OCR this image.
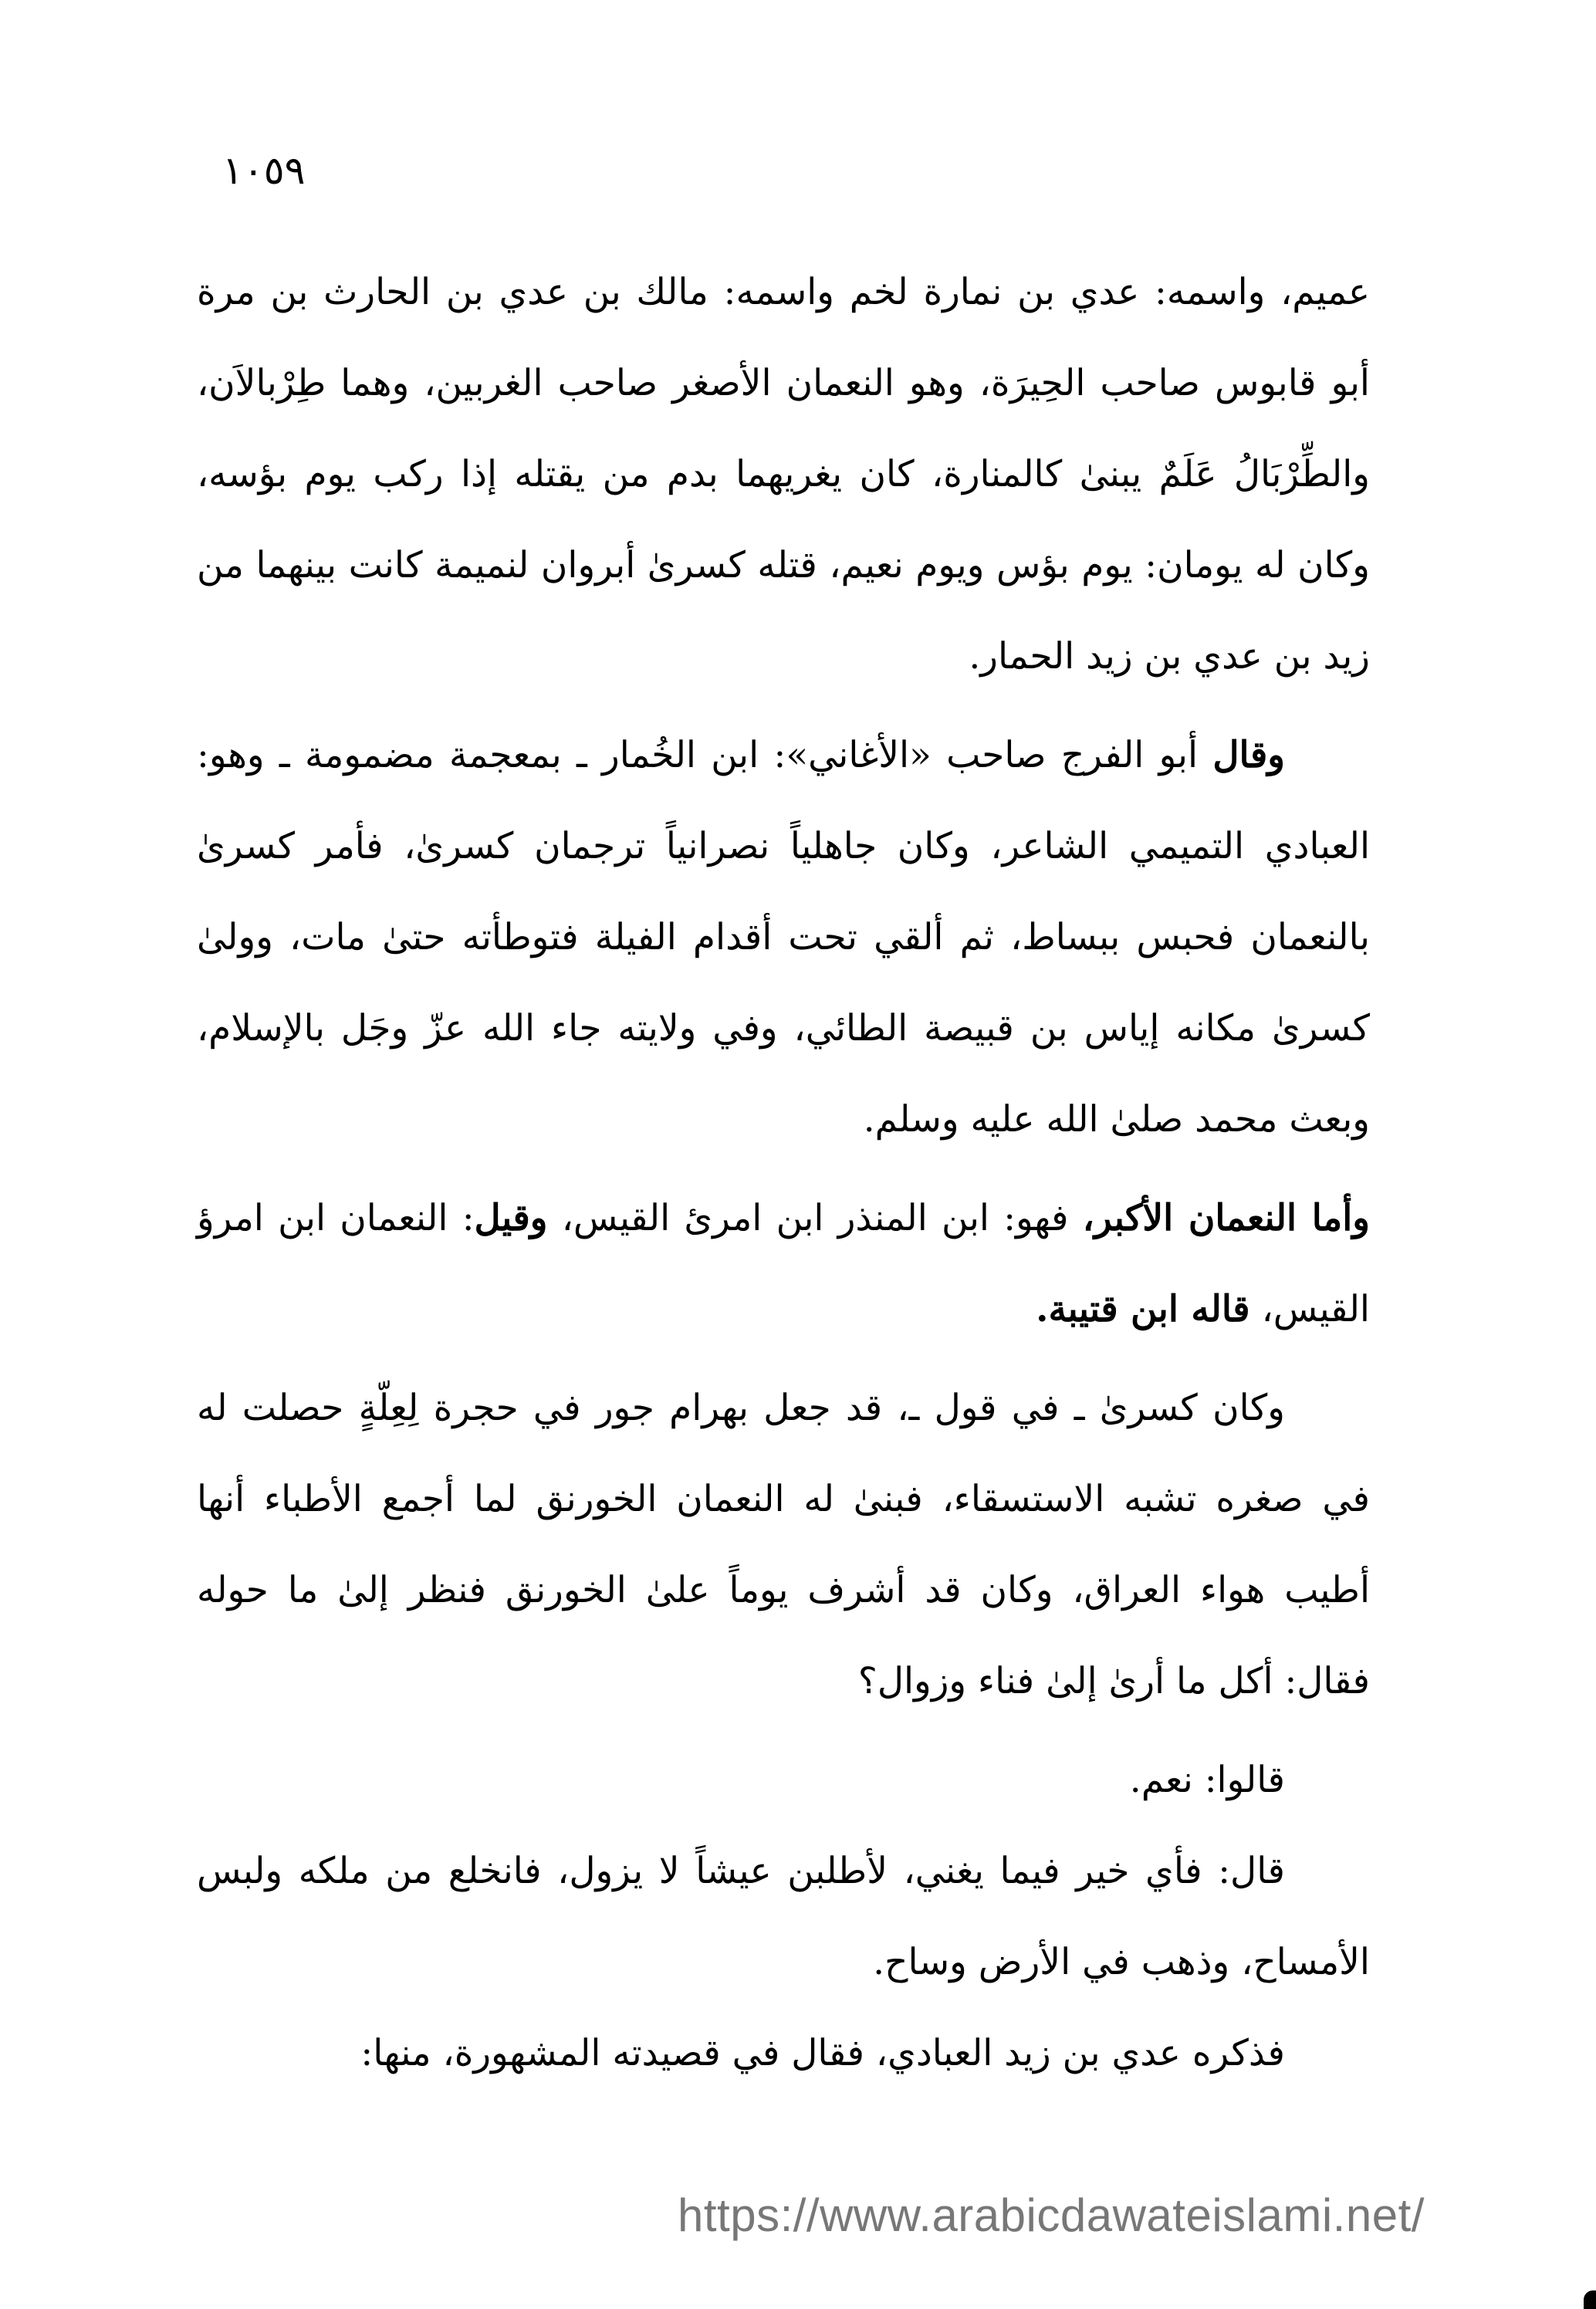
١٠٥٩

عميم، واسمه: عدي بن نمارة لخم واسمه: مالك بن عدي بن الحارث بن مرة أبو قابوس صاحب الحِيرَة، وهو النعمان الأصغر صاحب الغربين، وهما طِرْبالاَن، والطِّرْبَالُ عَلَمٌ يبنىٰ كالمنارة، كان يغريهما بدم من يقتله إذا ركب يوم بؤسه، وكان له يومان: يوم بؤس ويوم نعيم، قتله كسرىٰ أبروان لنميمة كانت بينهما من زيد بن عدي بن زيد الحمار.

وقال أبو الفرج صاحب «الأغاني»: ابن الخُمار ـ بمعجمة مضمومة ـ وهو: العبادي التميمي الشاعر، وكان جاهلياً نصرانياً ترجمان كسرىٰ، فأمر كسرىٰ بالنعمان فحبس ببساط، ثم ألقي تحت أقدام الفيلة فتوطأته حتىٰ مات، وولىٰ كسرىٰ مكانه إياس بن قبيصة الطائي، وفي ولايته جاء الله عزّ وجَل بالإسلام، وبعث محمد صلىٰ الله عليه وسلم.

وأما النعمان الأكبر، فهو: ابن المنذر ابن امرئ القيس، وقيل: النعمان ابن امرؤ القيس، قاله ابن قتيبة.

وكان كسرىٰ ـ في قول ـ، قد جعل بهرام جور في حجرة لِعِلّةٍ حصلت له في صغره تشبه الاستسقاء، فبنىٰ له النعمان الخورنق لما أجمع الأطباء أنها أطيب هواء العراق، وكان قد أشرف يوماً علىٰ الخورنق فنظر إلىٰ ما حوله فقال: أكل ما أرىٰ إلىٰ فناء وزوال؟

قالوا: نعم.

قال: فأي خير فيما يغني، لأطلبن عيشاً لا يزول، فانخلع من ملكه ولبس الأمساح، وذهب في الأرض وساح.

فذكره عدي بن زيد العبادي، فقال في قصيدته المشهورة، منها:

https://www.arabicdawateislami.net/
